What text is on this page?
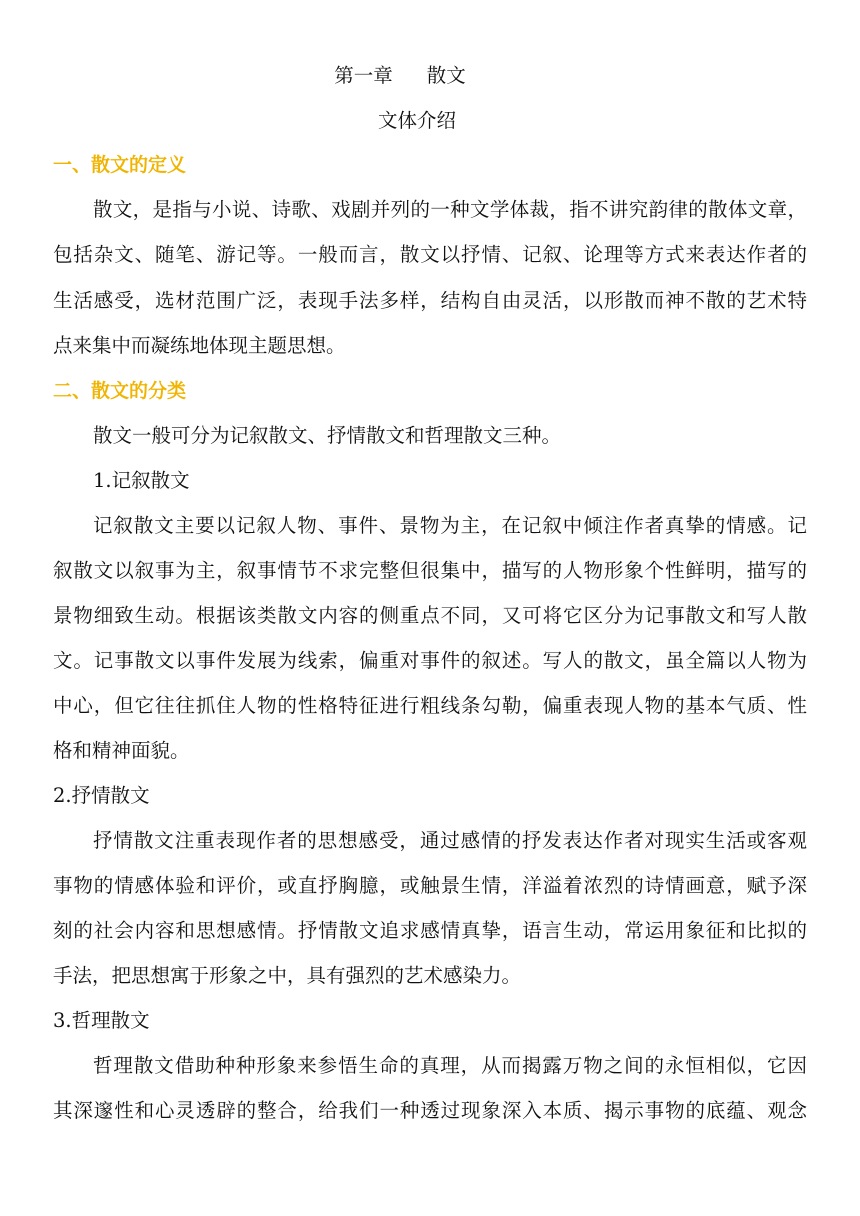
第一章 散文

文体介绍

一、散文的定义

散文，是指与小说、诗歌、戏剧并列的一种文学体裁，指不讲究韵律的散体文章，

包括杂文、随笔、游记等。一般而言，散文以抒情、记叙、论理等方式来表达作者的

生活感受，选材范围广泛，表现手法多样，结构自由灵活，以形散而神不散的艺术特

点来集中而凝练地体现主题思想。

二、散文的分类

散文一般可分为记叙散文、抒情散文和哲理散文三种。

1.记叙散文

记叙散文主要以记叙人物、事件、景物为主，在记叙中倾注作者真挚的情感。记

叙散文以叙事为主，叙事情节不求完整但很集中，描写的人物形象个性鲜明，描写的

景物细致生动。根据该类散文内容的侧重点不同，又可将它区分为记事散文和写人散

文。记事散文以事件发展为线索，偏重对事件的叙述。写人的散文，虽全篇以人物为

中心，但它往往抓住人物的性格特征进行粗线条勾勒，偏重表现人物的基本气质、性

格和精神面貌。

2.抒情散文

抒情散文注重表现作者的思想感受，通过感情的抒发表达作者对现实生活或客观

事物的情感体验和评价，或直抒胸臆，或触景生情，洋溢着浓烈的诗情画意，赋予深

刻的社会内容和思想感情。抒情散文追求感情真挚，语言生动，常运用象征和比拟的

手法，把思想寓于形象之中，具有强烈的艺术感染力。

3.哲理散文

哲理散文借助种种形象来参悟生命的真理，从而揭露万物之间的永恒相似，它因

其深邃性和心灵透辟的整合，给我们一种透过现象深入本质、揭示事物的底蕴、观念
